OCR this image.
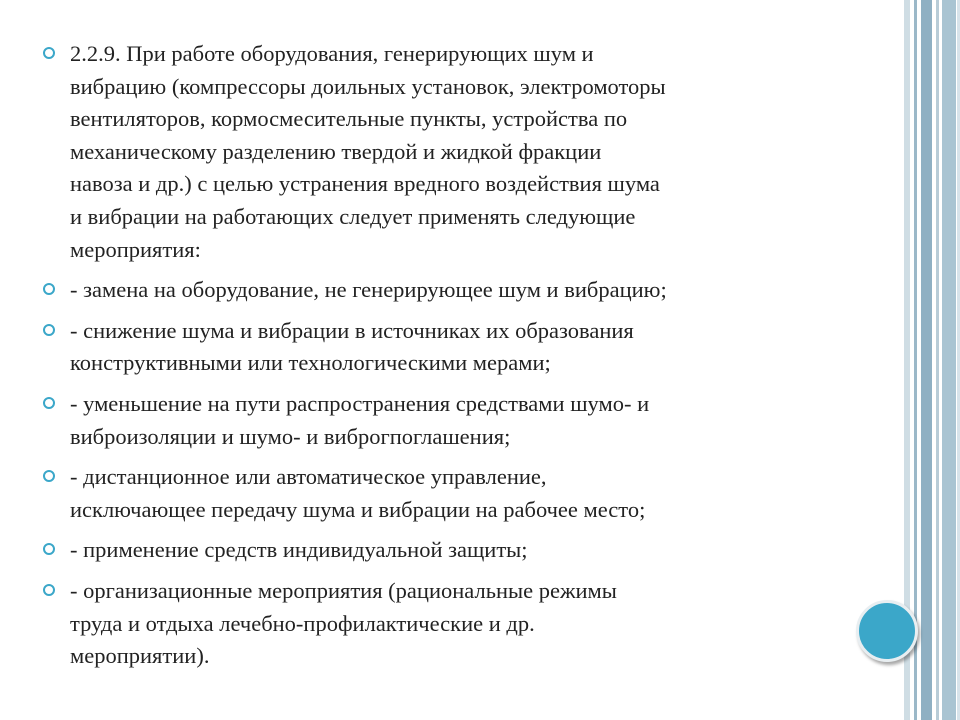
2.2.9. При работе оборудования, генерирующих шум и
вибрацию (компрессоры доильных установок, электромоторы
вентиляторов, кормосмесительные пункты, устройства по
механическому разделению твердой и жидкой фракции
навоза и др.) с целью устранения вредного воздействия шума
и вибрации на работающих следует применять следующие
мероприятия:
- замена на оборудование, не генерирующее шум и вибрацию;
- снижение шума и вибрации в источниках их образования
конструктивными или технологическими мерами;
- уменьшение на пути распространения средствами шумо- и
виброизоляции и шумо- и виброгпоглашения;
- дистанционное или автоматическое управление,
исключающее передачу шума и вибрации на рабочее место;
- применение средств индивидуальной защиты;
- организационные мероприятия (рациональные режимы
труда и отдыха лечебно-профилактические и др.
мероприятии).
